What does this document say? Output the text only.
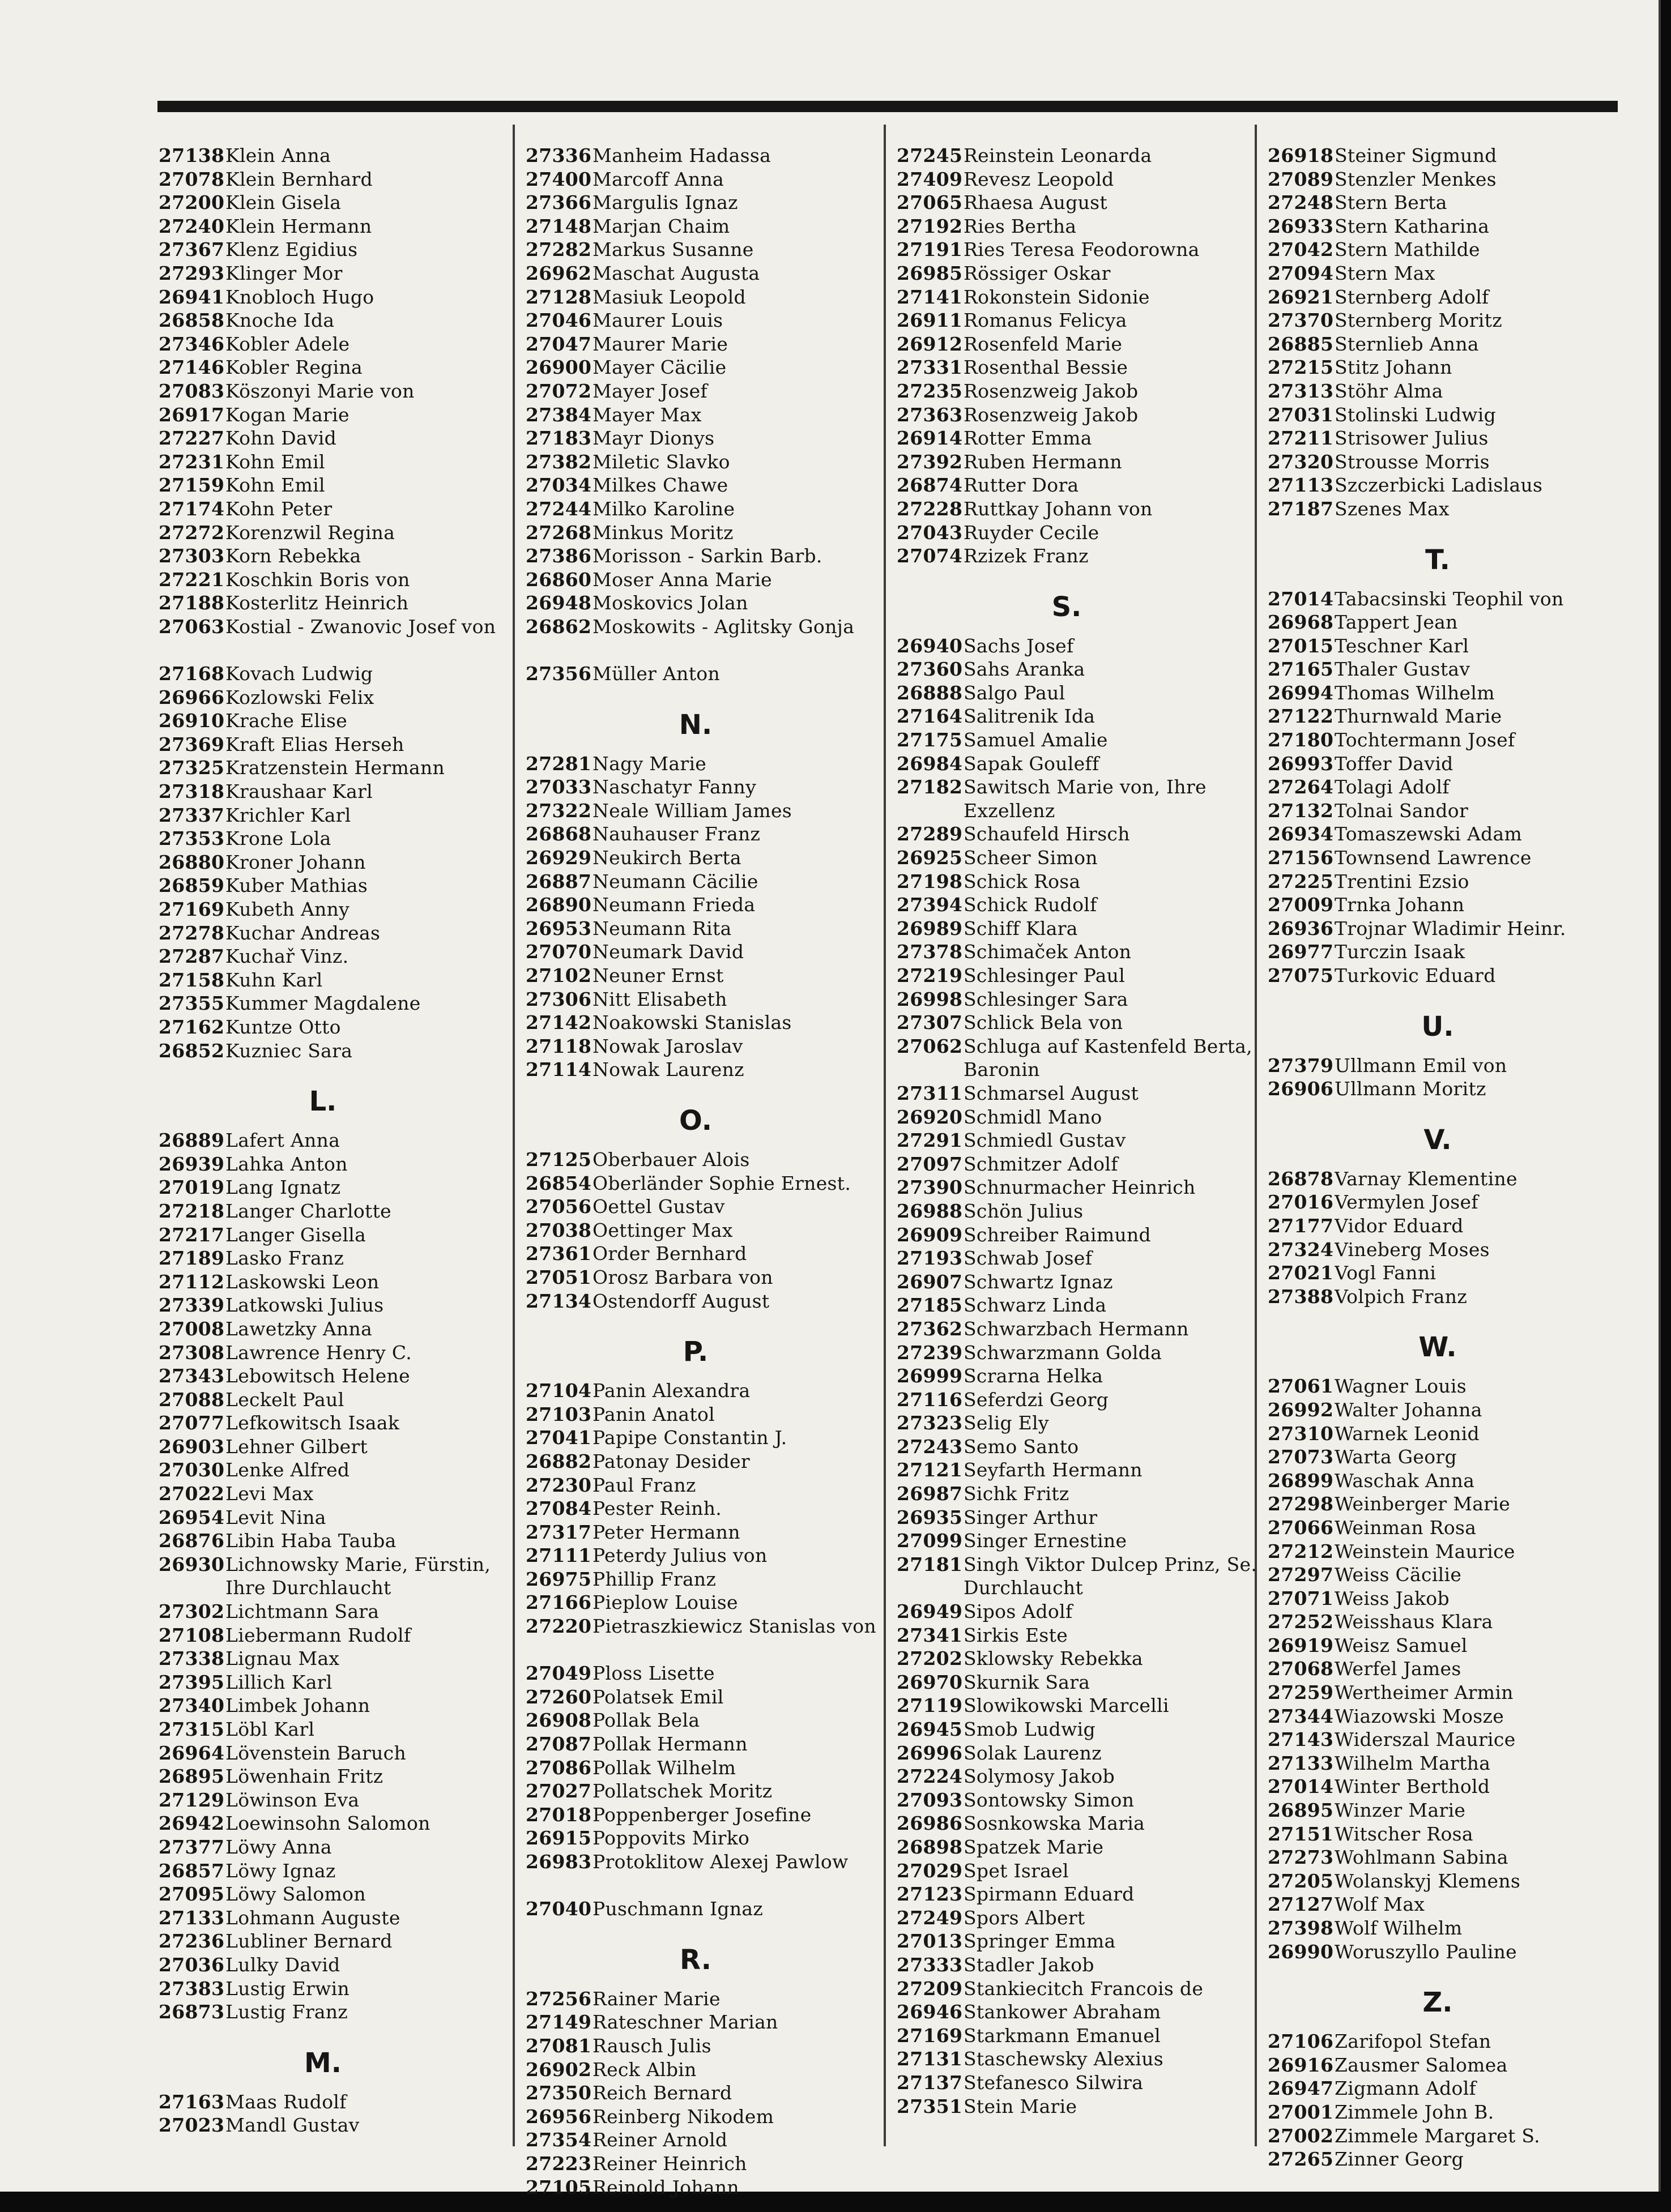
27138 Klein Anna
27078 Klein Bernhard
27200 Klein Gisela
27240 Klein Hermann
27367 Klenz Egidius
27293 Klinger Mor
26941 Knobloch Hugo
26858 Knoche Ida
27346 Kobler Adele
27146 Kobler Regina
27083 Köszonyi Marie von
26917 Kogan Marie
27227 Kohn David
27231 Kohn Emil
27159 Kohn Emil
27174 Kohn Peter
27272 Korenzwil Regina
27303 Korn Rebekka
27221 Koschkin Boris von
27188 Kosterlitz Heinrich
27063 Kostial - Zwanovic Josef von
27168 Kovach Ludwig
26966 Kozlowski Felix
26910 Krache Elise
27369 Kraft Elias Herseh
27325 Kratzenstein Hermann
27318 Kraushaar Karl
27337 Krichler Karl
27353 Krone Lola
26880 Kroner Johann
26859 Kuber Mathias
27169 Kubeth Anny
27278 Kuchar Andreas
27287 Kuchař Vinz.
27158 Kuhn Karl
27355 Kummer Magdalene
27162 Kuntze Otto
26852 Kuzniec Sara
L.
26889 Lafert Anna
26939 Lahka Anton
27019 Lang Ignatz
27218 Langer Charlotte
27217 Langer Gisella
27189 Lasko Franz
27112 Laskowski Leon
27339 Latkowski Julius
27008 Lawetzky Anna
27308 Lawrence Henry C.
27343 Lebowitsch Helene
27088 Leckelt Paul
27077 Lefkowitsch Isaak
26903 Lehner Gilbert
27030 Lenke Alfred
27022 Levi Max
26954 Levit Nina
26876 Libin Haba Tauba
26930 Lichnowsky Marie, Fürstin, Ihre Durchlaucht
27302 Lichtmann Sara
27108 Liebermann Rudolf
27338 Lignau Max
27395 Lillich Karl
27340 Limbek Johann
27315 Löbl Karl
26964 Lövenstein Baruch
26895 Löwenhain Fritz
27129 Löwinson Eva
26942 Loewinsohn Salomon
27377 Löwy Anna
26857 Löwy Ignaz
27095 Löwy Salomon
27133 Lohmann Auguste
27236 Lubliner Bernard
27036 Lulky David
27383 Lustig Erwin
26873 Lustig Franz
M.
27163 Maas Rudolf
27023 Mandl Gustav
27336 Manheim Hadassa
27400 Marcoff Anna
27366 Margulis Ignaz
27148 Marjan Chaim
27282 Markus Susanne
26962 Maschat Augusta
27128 Masiuk Leopold
27046 Maurer Louis
27047 Maurer Marie
26900 Mayer Cäcilie
27072 Mayer Josef
27384 Mayer Max
27183 Mayr Dionys
27382 Miletic Slavko
27034 Milkes Chawe
27244 Milko Karoline
27268 Minkus Moritz
27386 Morisson - Sarkin Barb.
26860 Moser Anna Marie
26948 Moskovics Jolan
26862 Moskowits - Aglitsky Gonja
27356 Müller Anton
N.
27281 Nagy Marie
27033 Naschatyr Fanny
27322 Neale William James
26868 Nauhauser Franz
26929 Neukirch Berta
26887 Neumann Cäcilie
26890 Neumann Frieda
26953 Neumann Rita
27070 Neumark David
27102 Neuner Ernst
27306 Nitt Elisabeth
27142 Noakowski Stanislas
27118 Nowak Jaroslav
27114 Nowak Laurenz
O.
27125 Oberbauer Alois
26854 Oberländer Sophie Ernest.
27056 Oettel Gustav
27038 Oettinger Max
27361 Order Bernhard
27051 Orosz Barbara von
27134 Ostendorff August
P.
27104 Panin Alexandra
27103 Panin Anatol
27041 Papipe Constantin J.
26882 Patonay Desider
27230 Paul Franz
27084 Pester Reinh.
27317 Peter Hermann
27111 Peterdy Julius von
26975 Phillip Franz
27166 Pieplow Louise
27220 Pietraszkiewicz Stanislas von
27049 Ploss Lisette
27260 Polatsek Emil
26908 Pollak Bela
27087 Pollak Hermann
27086 Pollak Wilhelm
27027 Pollatschek Moritz
27018 Poppenberger Josefine
26915 Poppovits Mirko
26983 Protoklitow Alexej Pawlow
27040 Puschmann Ignaz
R.
27256 Rainer Marie
27149 Rateschner Marian
27081 Rausch Julis
26902 Reck Albin
27350 Reich Bernard
26956 Reinberg Nikodem
27354 Reiner Arnold
27223 Reiner Heinrich
27105 Reinold Johann
27245 Reinstein Leonarda
27409 Revesz Leopold
27065 Rhaesa August
27192 Ries Bertha
27191 Ries Teresa Feodorowna
26985 Rössiger Oskar
27141 Rokonstein Sidonie
26911 Romanus Felicya
26912 Rosenfeld Marie
27331 Rosenthal Bessie
27235 Rosenzweig Jakob
27363 Rosenzweig Jakob
26914 Rotter Emma
27392 Ruben Hermann
26874 Rutter Dora
27228 Ruttkay Johann von
27043 Ruyder Cecile
27074 Rzizek Franz
S.
26940 Sachs Josef
27360 Sahs Aranka
26888 Salgo Paul
27164 Salitrenik Ida
27175 Samuel Amalie
26984 Sapak Gouleff
27182 Sawitsch Marie von, Ihre Exzellenz
27289 Schaufeld Hirsch
26925 Scheer Simon
27198 Schick Rosa
27394 Schick Rudolf
26989 Schiff Klara
27378 Schimaček Anton
27219 Schlesinger Paul
26998 Schlesinger Sara
27307 Schlick Bela von
27062 Schluga auf Kastenfeld Berta, Baronin
27311 Schmarsel August
26920 Schmidl Mano
27291 Schmiedl Gustav
27097 Schmitzer Adolf
27390 Schnurmacher Heinrich
26988 Schön Julius
26909 Schreiber Raimund
27193 Schwab Josef
26907 Schwartz Ignaz
27185 Schwarz Linda
27362 Schwarzbach Hermann
27239 Schwarzmann Golda
26999 Scrarna Helka
27116 Seferdzi Georg
27323 Selig Ely
27243 Semo Santo
27121 Seyfarth Hermann
26987 Sichk Fritz
26935 Singer Arthur
27099 Singer Ernestine
27181 Singh Viktor Dulcep Prinz, Se. Durchlaucht
26949 Sipos Adolf
27341 Sirkis Este
27202 Sklowsky Rebekka
26970 Skurnik Sara
27119 Slowikowski Marcelli
26945 Smob Ludwig
26996 Solak Laurenz
27224 Solymosy Jakob
27093 Sontowsky Simon
26986 Sosnkowska Maria
26898 Spatzek Marie
27029 Spet Israel
27123 Spirmann Eduard
27249 Spors Albert
27013 Springer Emma
27333 Stadler Jakob
27209 Stankiecitch Francois de
26946 Stankower Abraham
27169 Starkmann Emanuel
27131 Staschewsky Alexius
27137 Stefanesco Silwira
27351 Stein Marie
26918 Steiner Sigmund
27089 Stenzler Menkes
27248 Stern Berta
26933 Stern Katharina
27042 Stern Mathilde
27094 Stern Max
26921 Sternberg Adolf
27370 Sternberg Moritz
26885 Sternlieb Anna
27215 Stitz Johann
27313 Stöhr Alma
27031 Stolinski Ludwig
27211 Strisower Julius
27320 Strousse Morris
27113 Szczerbicki Ladislaus
27187 Szenes Max
T.
27014 Tabacsinski Teophil von
26968 Tappert Jean
27015 Teschner Karl
27165 Thaler Gustav
26994 Thomas Wilhelm
27122 Thurnwald Marie
27180 Tochtermann Josef
26993 Toffer David
27264 Tolagi Adolf
27132 Tolnai Sandor
26934 Tomaszewski Adam
27156 Townsend Lawrence
27225 Trentini Ezsio
27009 Trnka Johann
26936 Trojnar Wladimir Heinr.
26977 Turczin Isaak
27075 Turkovic Eduard
U.
27379 Ullmann Emil von
26906 Ullmann Moritz
V.
26878 Varnay Klementine
27016 Vermylen Josef
27177 Vidor Eduard
27324 Vineberg Moses
27021 Vogl Fanni
27388 Volpich Franz
W.
27061 Wagner Louis
26992 Walter Johanna
27310 Warnek Leonid
27073 Warta Georg
26899 Waschak Anna
27298 Weinberger Marie
27066 Weinman Rosa
27212 Weinstein Maurice
27297 Weiss Cäcilie
27071 Weiss Jakob
27252 Weisshaus Klara
26919 Weisz Samuel
27068 Werfel James
27259 Wertheimer Armin
27344 Wiazowski Mosze
27143 Widerszal Maurice
27133 Wilhelm Martha
27014 Winter Berthold
26895 Winzer Marie
27151 Witscher Rosa
27273 Wohlmann Sabina
27205 Wolanskyj Klemens
27127 Wolf Max
27398 Wolf Wilhelm
26990 Woruszyllo Pauline
Z.
27106 Zarifopol Stefan
26916 Zausmer Salomea
26947 Zigmann Adolf
27001 Zimmele John B.
27002 Zimmele Margaret S.
27265 Zinner Georg
